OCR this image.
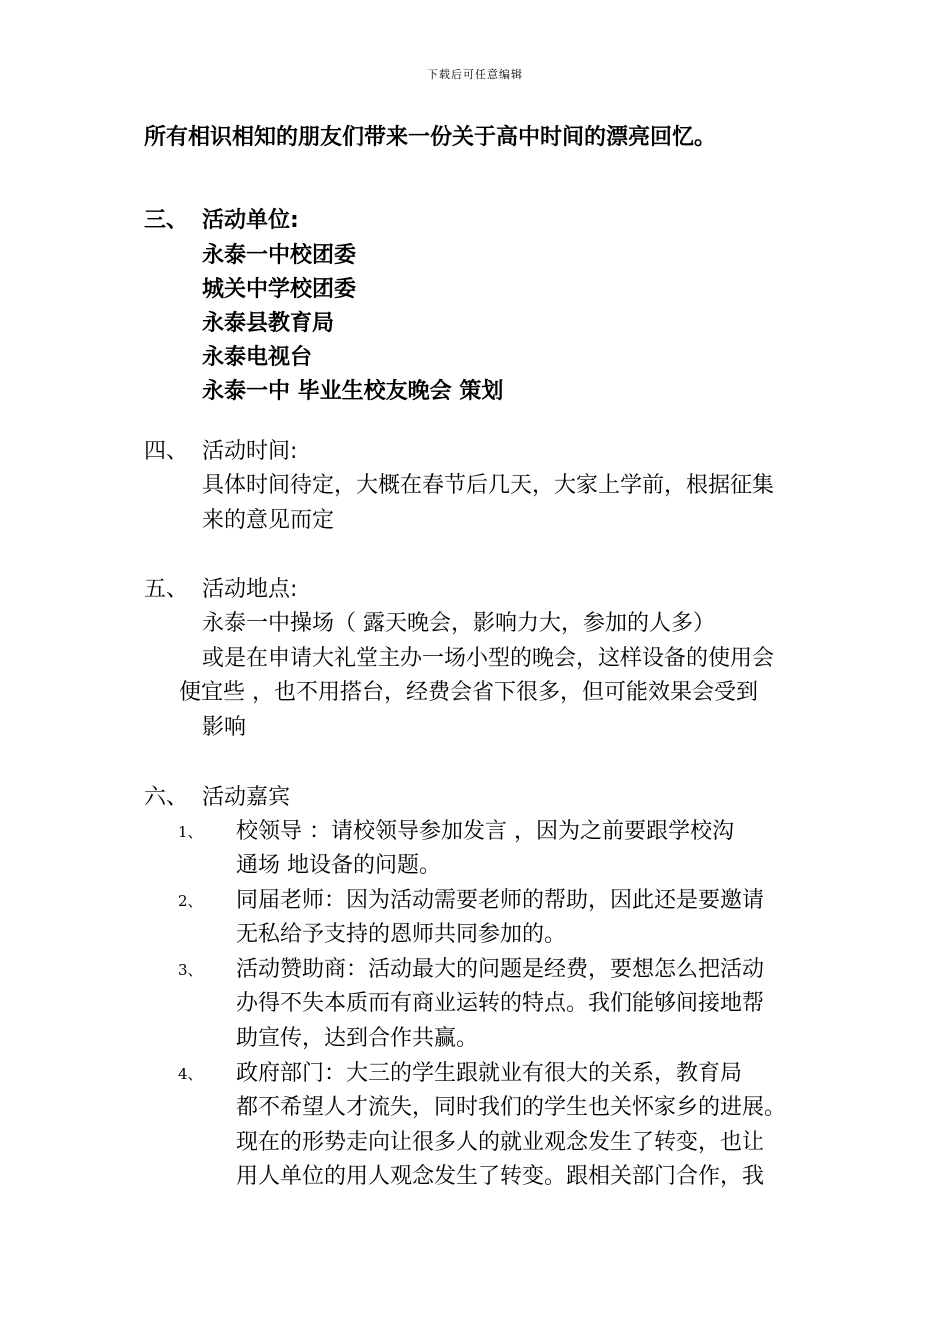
下载后可任意编辑
所有相识相知的朋友们带来一份关于高中时间的漂亮回忆。
三、 活动单位:
永泰一中校团委
城关中学校团委
永泰县教育局
永泰电视台
永泰一中 毕业生校友晚会 策划
四、 活动时间:
具体时间待定，大概在春节后几天，大家上学前，根据征集
来的意见而定
五、 活动地点:
永泰一中操场（ 露天晚会，影响力大，参加的人多）
或是在申请大礼堂主办一场小型的晚会，这样设备的使用会
便宜些 ，也不用搭台，经费会省下很多，但可能效果会受到
影响
六、 活动嘉宾
1、 校领导 ：请校领导参加发言 ，因为之前要跟学校沟
通场 地设备的问题。
2、 同届老师：因为活动需要老师的帮助，因此还是要邀请
无私给予支持的恩师共同参加的。
3、 活动赞助商：活动最大的问题是经费，要想怎么把活动
办得不失本质而有商业运转的特点。我们能够间接地帮
助宣传，达到合作共赢。
4、 政府部门：大三的学生跟就业有很大的关系，教育局
都不希望人才流失，同时我们的学生也关怀家乡的进展。
现在的形势走向让很多人的就业观念发生了转变，也让
用人单位的用人观念发生了转变。跟相关部门合作，我
